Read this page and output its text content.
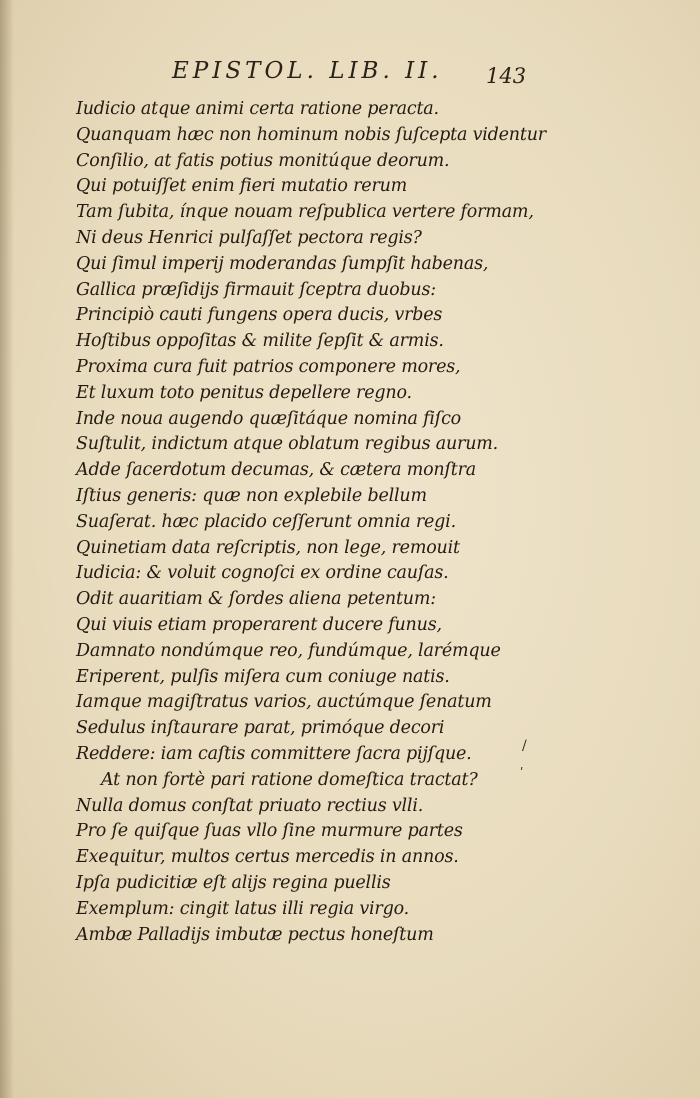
EPISTOL. LIB. II. 143
Iudicio atque animi certa ratione peracta.
Quanquam hæc non hominum nobis ſuſcepta videntur
Conſilio, at fatis potius monitúque deorum.
Qui potuiſſet enim fieri mutatio rerum
Tam ſubita, ínque nouam reſpublica vertere formam,
Ni deus Henrici pulſaſſet pectora regis?
Qui ſimul imperij moderandas ſumpſit habenas,
Gallica præſidijs firmauit ſceptra duobus:
Principiò cauti fungens opera ducis, vrbes
Hoſtibus oppoſitas & milite ſepſit & armis.
Proxima cura fuit patrios componere mores,
Et luxum toto penitus depellere regno.
Inde noua augendo quæſitáque nomina fiſco
Suſtulit, indictum atque oblatum regibus aurum.
Adde ſacerdotum decumas, & cætera monſtra
Iſtius generis: quæ non explebile bellum
Suaſerat. hæc placido ceſſerunt omnia regi.
Quinetiam data reſcriptis, non lege, remouit
Iudicia: & voluit cognoſci ex ordine cauſas.
Odit auaritiam & ſordes aliena petentum:
Qui viuis etiam properarent ducere funus,
Damnato nondúmque reo, fundúmque, larémque
Eriperent, pulſis miſera cum coniuge natis.
Iamque magiſtratus varios, auctúmque ſenatum
Sedulus inſtaurare parat, primóque decori
Reddere: iam caſtis committere ſacra pijſque.
At non fortè pari ratione domeſtica tractat?
Nulla domus conſtat priuato rectius vlli.
Pro ſe quiſque ſuas vllo ſine murmure partes
Exequitur, multos certus mercedis in annos.
Ipſa pudicitiæ eſt alijs regina puellis
Exemplum: cingit latus illi regia virgo.
Ambæ Palladijs imbutæ pectus honeſtum
/
ʹ
